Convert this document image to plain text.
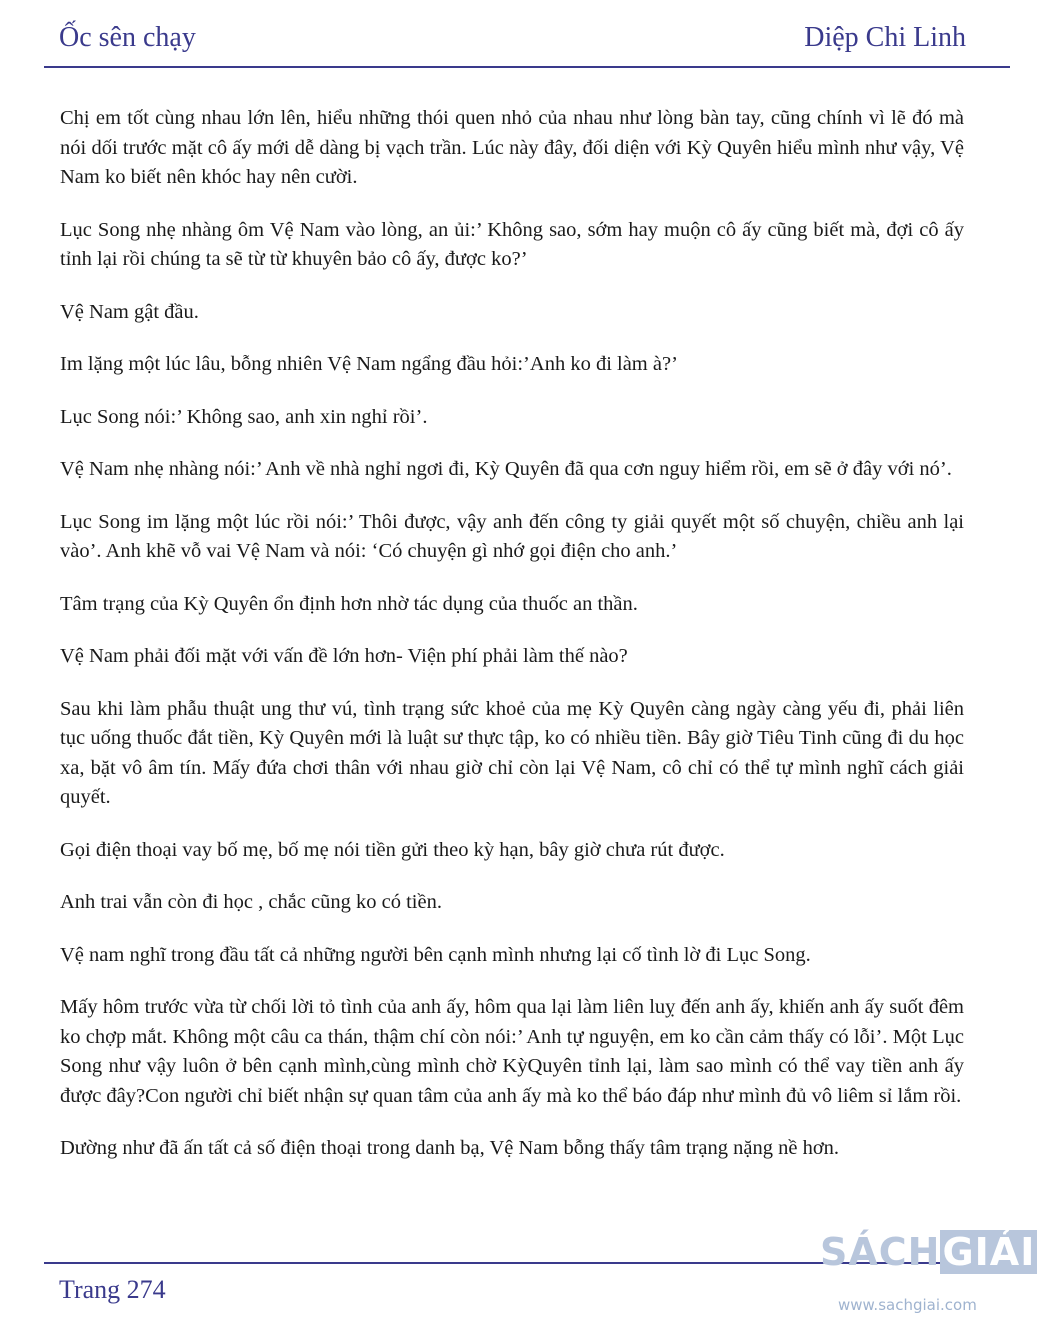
Ốc sên chạy	Diệp Chi Linh

Chị em tốt cùng nhau lớn lên, hiểu những thói quen nhỏ của nhau như lòng bàn tay, cũng chính vì lẽ đó mà nói dối trước mặt cô ấy mới dễ dàng bị vạch trần. Lúc này đây, đối diện với Kỳ Quyên hiểu mình như vậy, Vệ Nam ko biết nên khóc hay nên cười.

Lục Song nhẹ nhàng ôm Vệ Nam vào lòng, an ủi:’ Không sao, sớm hay muộn cô ấy cũng biết mà, đợi cô ấy tỉnh lại rồi chúng ta sẽ từ từ khuyên bảo cô ấy, được ko?’

Vệ Nam gật đầu.

Im lặng một lúc lâu, bỗng nhiên Vệ Nam ngẩng đầu hỏi:’Anh ko đi làm à?’

Lục Song nói:’ Không sao, anh xin nghỉ rồi’.

Vệ Nam nhẹ nhàng nói:’ Anh về nhà nghỉ ngơi đi, Kỳ Quyên đã qua cơn nguy hiểm rồi, em sẽ ở đây với nó’.

Lục Song im lặng một lúc rồi nói:’ Thôi được, vậy anh đến công ty giải quyết một số chuyện, chiều anh lại vào’. Anh khẽ vỗ vai Vệ Nam và nói: ‘Có chuyện gì nhớ gọi điện cho anh.’

Tâm trạng của Kỳ Quyên ổn định hơn nhờ tác dụng của thuốc an thần.

Vệ Nam phải đối mặt với vấn đề lớn hơn- Viện phí phải làm thế nào?

Sau khi làm phẫu thuật ung thư vú, tình trạng sức khoẻ của mẹ Kỳ Quyên càng ngày càng yếu đi, phải liên tục uống thuốc đắt tiền, Kỳ Quyên mới là luật sư thực tập, ko có nhiều tiền. Bây giờ Tiêu Tinh cũng đi du học xa, bặt vô âm tín. Mấy đứa chơi thân với nhau giờ chỉ còn lại Vệ Nam, cô chỉ có thể tự mình nghĩ cách giải quyết.

Gọi điện thoại vay bố mẹ, bố mẹ nói tiền gửi theo kỳ hạn, bây giờ chưa rút được.

Anh trai vẫn còn đi học , chắc cũng ko có tiền.

Vệ nam nghĩ trong đầu tất cả những người bên cạnh mình nhưng lại cố tình lờ đi Lục Song.

Mấy hôm trước vừa từ chối lời tỏ tình của anh ấy, hôm qua lại làm liên luỵ đến anh ấy, khiến anh ấy suốt đêm ko chợp mắt. Không một câu ca thán, thậm chí còn nói:’ Anh tự nguyện, em ko cần cảm thấy có lỗi’. Một Lục Song như vậy luôn ở bên cạnh mình,cùng mình chờ KỳQuyên tỉnh lại, làm sao mình có thể vay tiền anh ấy được đây?Con người chỉ biết nhận sự quan tâm của anh ấy mà ko thể báo đáp như mình đủ vô liêm sỉ lắm rồi.

Dường như đã ấn tất cả số điện thoại trong danh bạ, Vệ Nam bỗng thấy tâm trạng nặng nề hơn.

Trang 274
SÁCHGIẢI
www.sachgiai.com
